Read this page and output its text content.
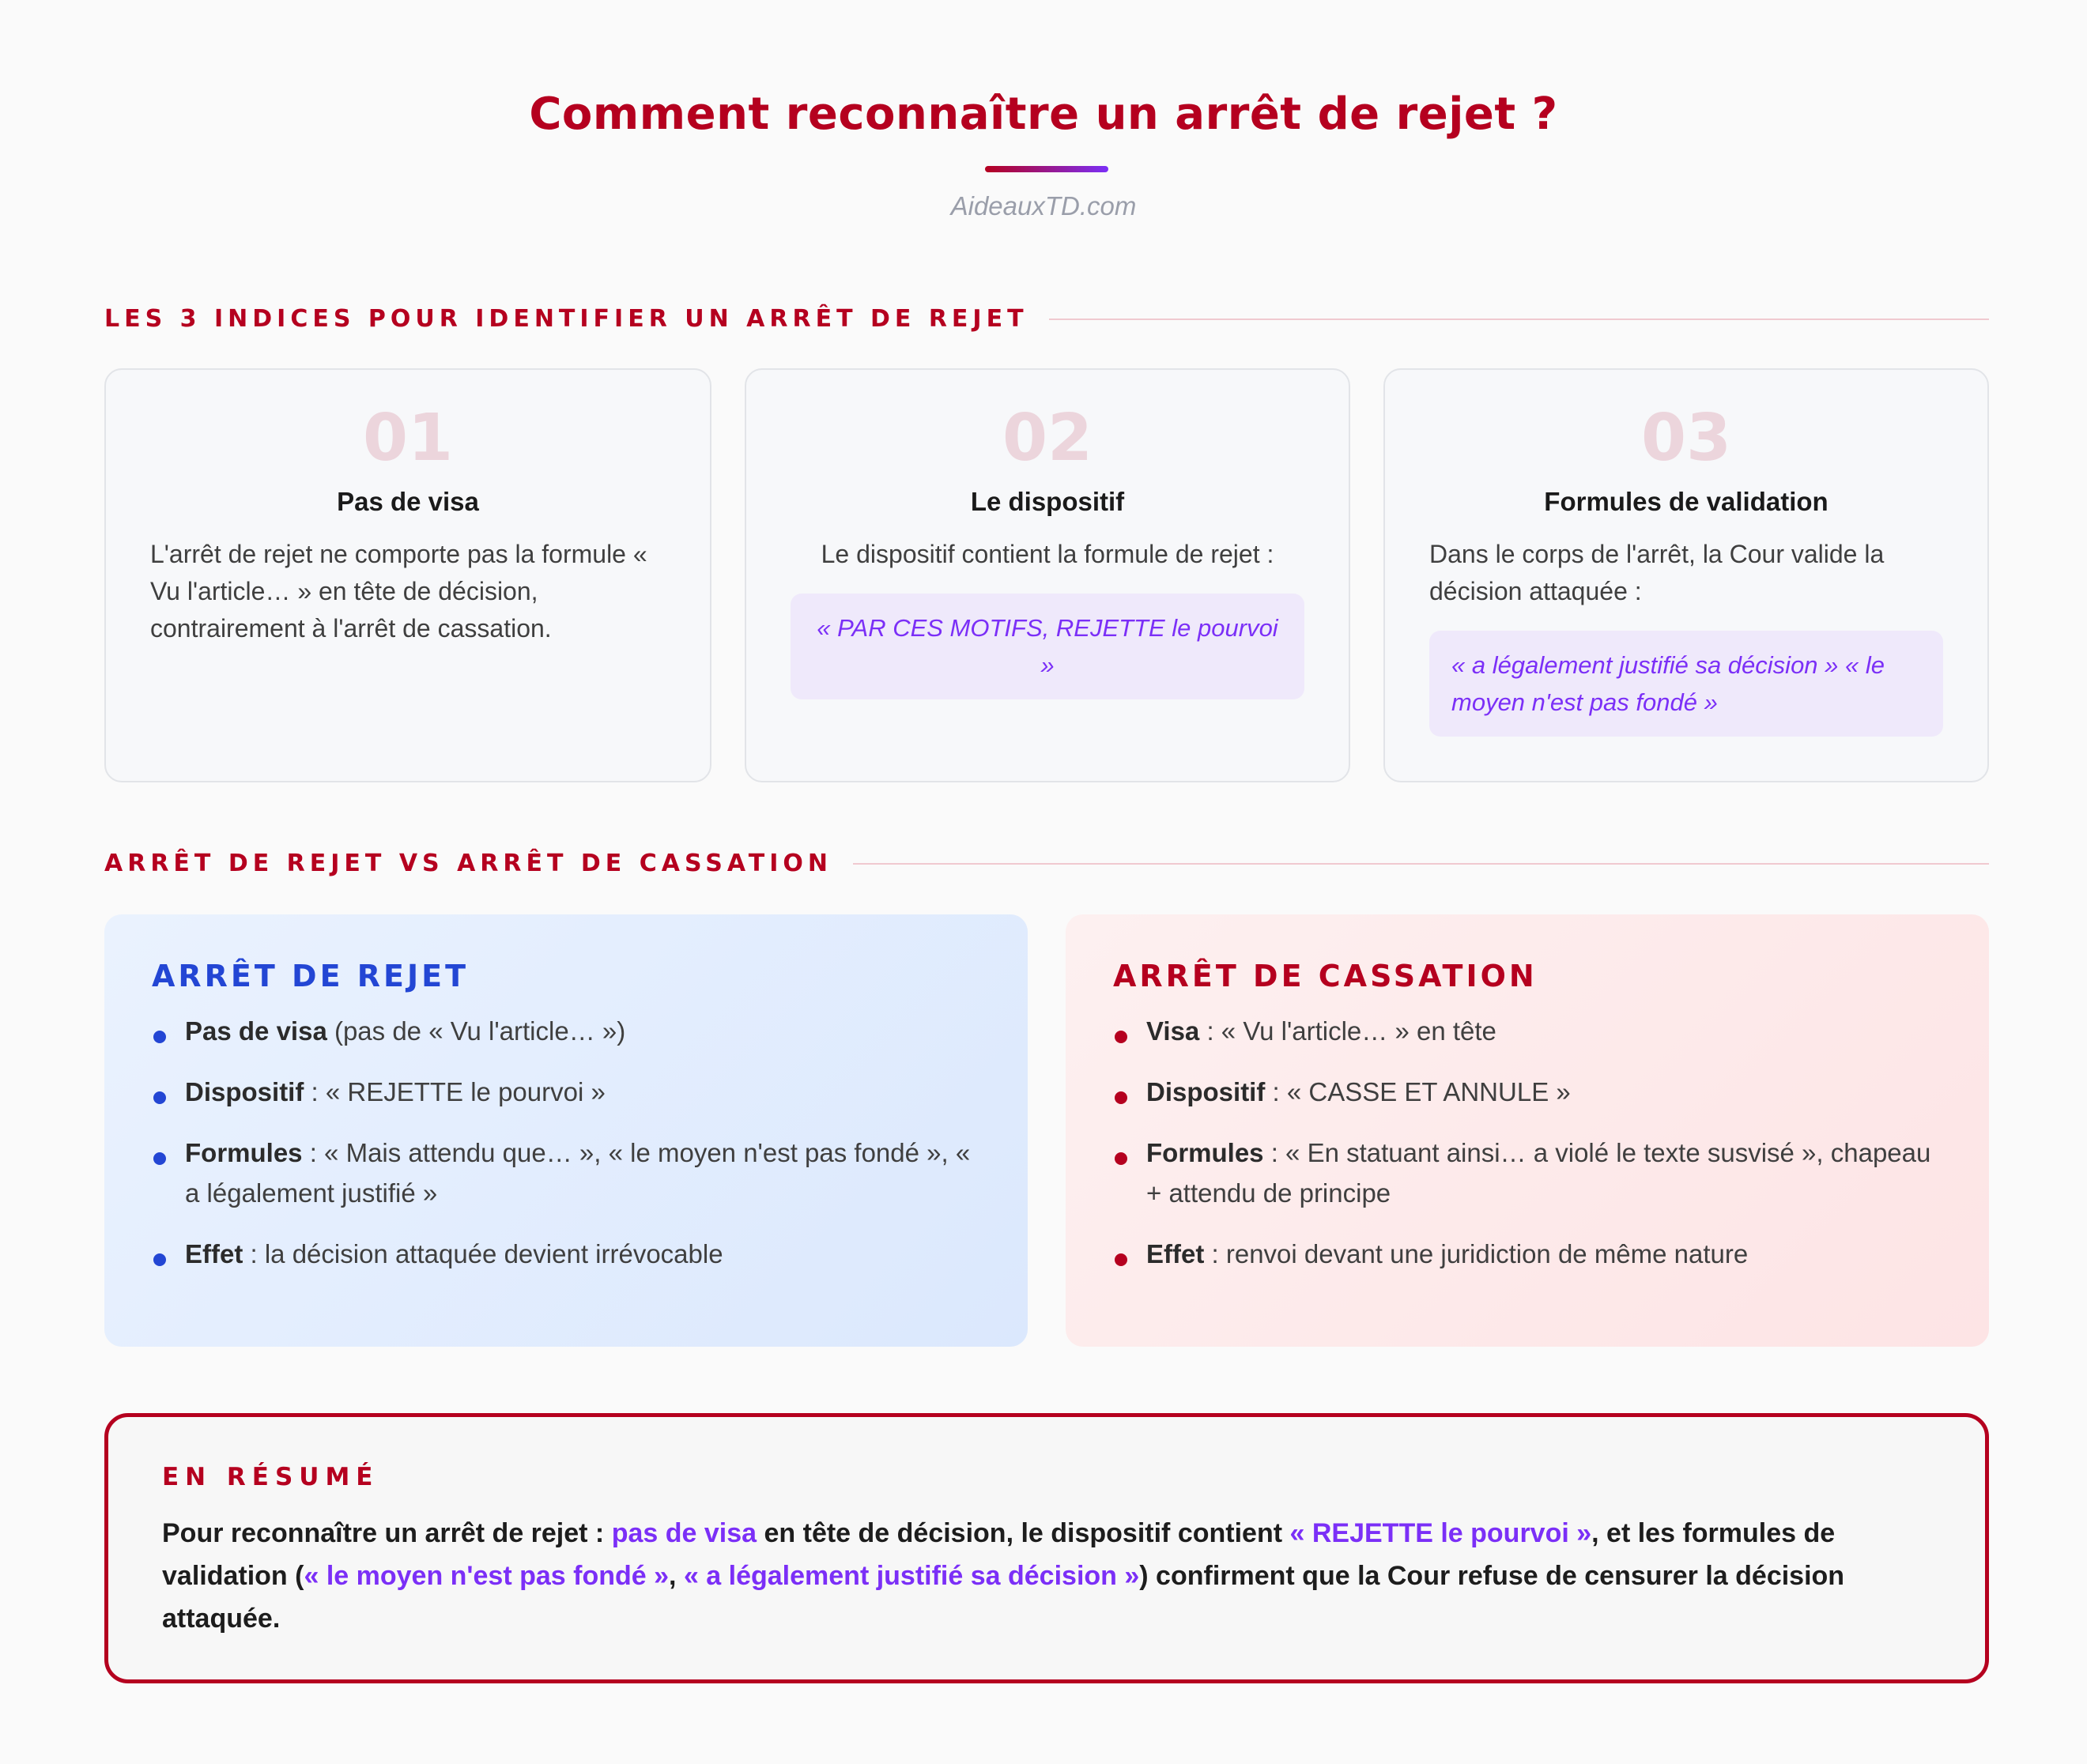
Comment reconnaître un arrêt de rejet ?
AideauxTD.com
LES 3 INDICES POUR IDENTIFIER UN ARRÊT DE REJET
01
Pas de visa
L'arrêt de rejet ne comporte pas la formule « Vu l'article… » en tête de décision, contrairement à l'arrêt de cassation.
02
Le dispositif
Le dispositif contient la formule de rejet :
« PAR CES MOTIFS, REJETTE le pourvoi »
03
Formules de validation
Dans le corps de l'arrêt, la Cour valide la décision attaquée :
« a légalement justifié sa décision » « le moyen n'est pas fondé »
ARRÊT DE REJET VS ARRÊT DE CASSATION
ARRÊT DE REJET
Pas de visa (pas de « Vu l'article… »)
Dispositif : « REJETTE le pourvoi »
Formules : « Mais attendu que… », « le moyen n'est pas fondé », « a légalement justifié »
Effet : la décision attaquée devient irrévocable
ARRÊT DE CASSATION
Visa : « Vu l'article… » en tête
Dispositif : « CASSE ET ANNULE »
Formules : « En statuant ainsi… a violé le texte susvisé », chapeau + attendu de principe
Effet : renvoi devant une juridiction de même nature
EN RÉSUMÉ

Pour reconnaître un arrêt de rejet : pas de visa en tête de décision, le dispositif contient « REJETTE le pourvoi », et les formules de validation (« le moyen n'est pas fondé », « a légalement justifié sa décision ») confirment que la Cour refuse de censurer la décision attaquée.
